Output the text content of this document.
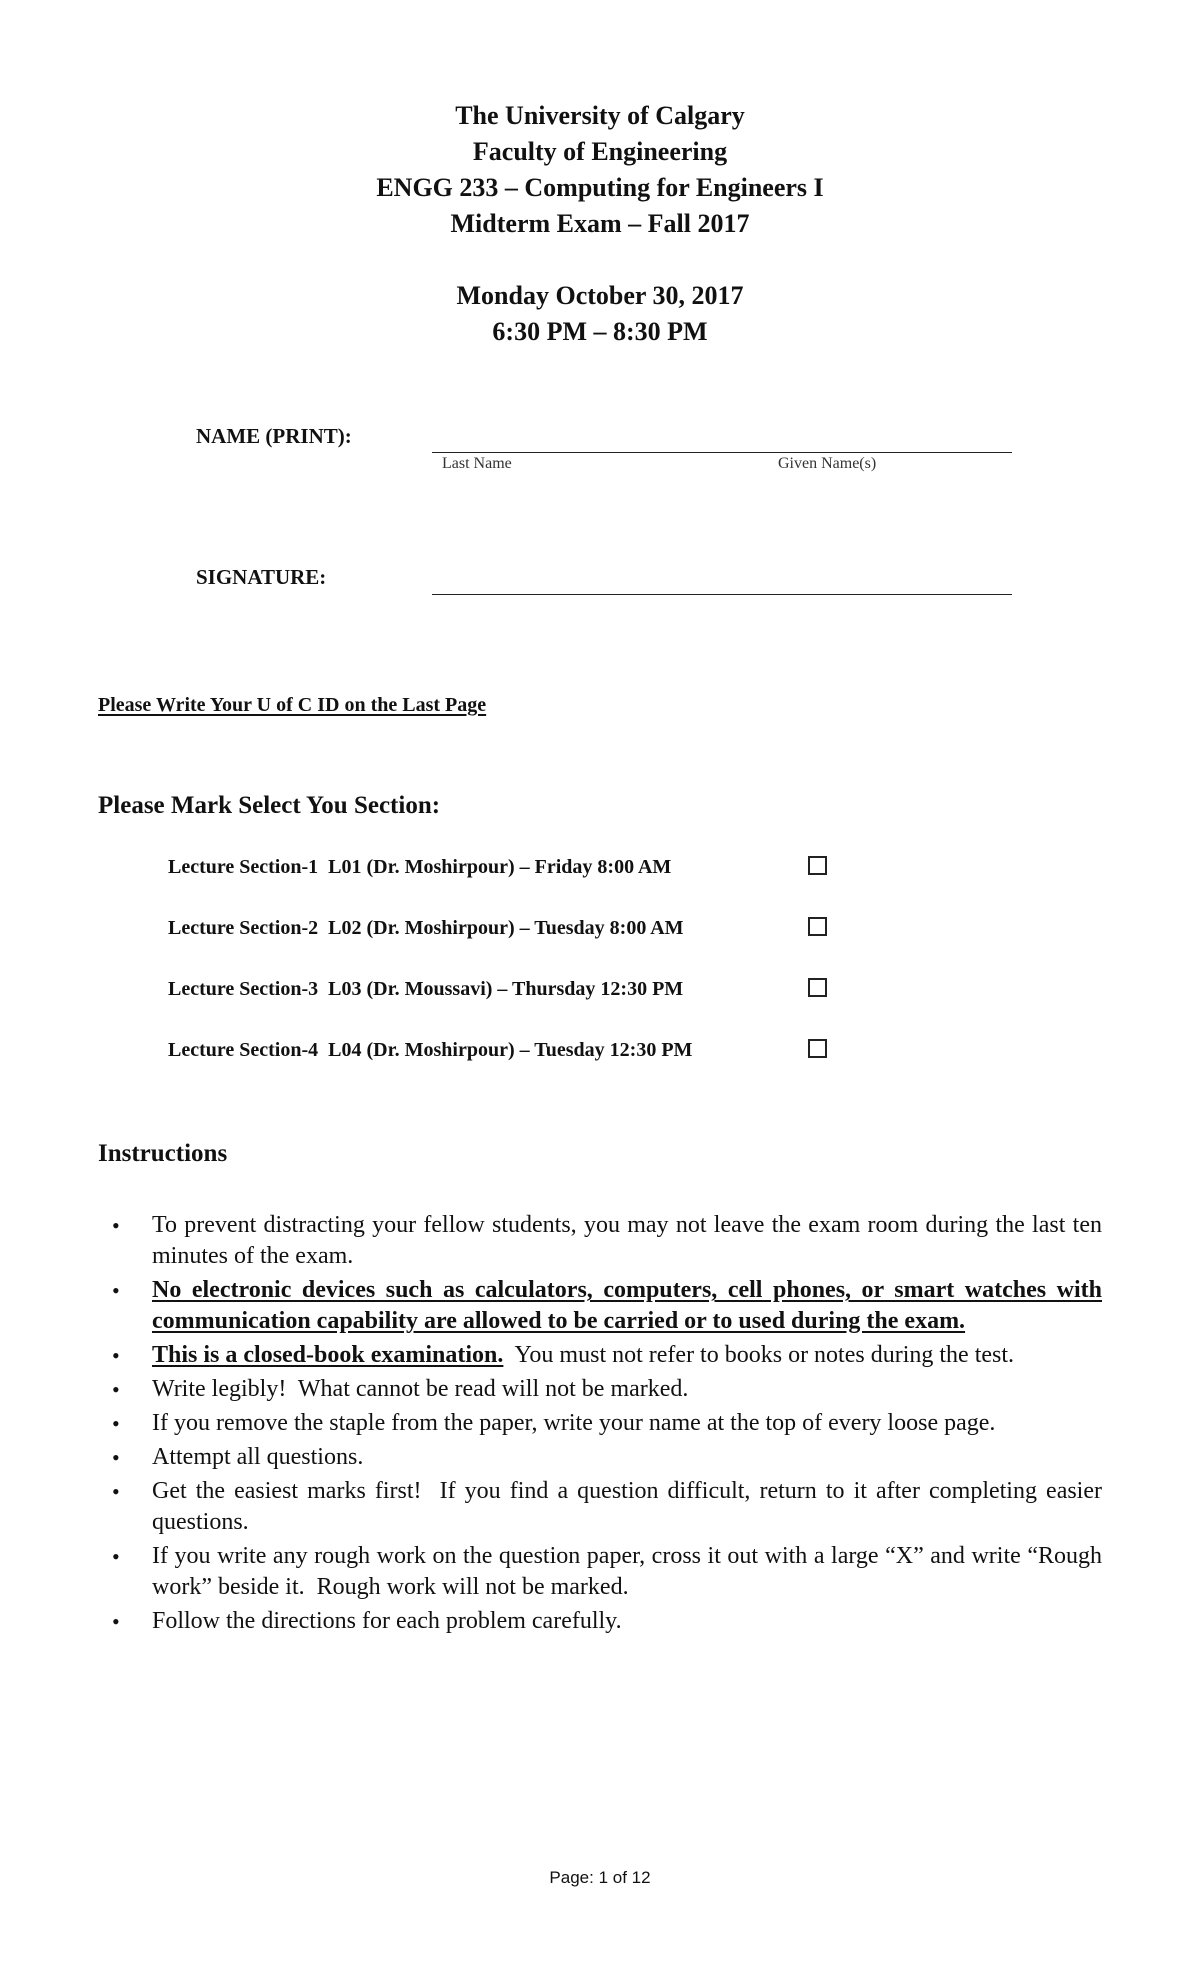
The University of Calgary
Faculty of Engineering
ENGG 233 – Computing for Engineers I
Midterm Exam – Fall 2017
Monday October 30, 2017
6:30 PM – 8:30 PM
NAME (PRINT):
Last Name	Given Name(s)
SIGNATURE:
Please Write Your U of C ID on the Last Page
Please Mark Select You Section:
Lecture Section-1  L01 (Dr. Moshirpour) – Friday 8:00 AM
Lecture Section-2  L02 (Dr. Moshirpour) – Tuesday 8:00 AM
Lecture Section-3  L03 (Dr. Moussavi) – Thursday 12:30 PM
Lecture Section-4  L04 (Dr. Moshirpour) – Tuesday 12:30 PM
Instructions
• To prevent distracting your fellow students, you may not leave the exam room during the last ten minutes of the exam.
• No electronic devices such as calculators, computers, cell phones, or smart watches with communication capability are allowed to be carried or to used during the exam.
• This is a closed-book examination.  You must not refer to books or notes during the test.
• Write legibly!  What cannot be read will not be marked.
• If you remove the staple from the paper, write your name at the top of every loose page.
• Attempt all questions.
• Get the easiest marks first!  If you find a question difficult, return to it after completing easier questions.
• If you write any rough work on the question paper, cross it out with a large “X” and write “Rough work” beside it.  Rough work will not be marked.
• Follow the directions for each problem carefully.
Page: 1 of 12
